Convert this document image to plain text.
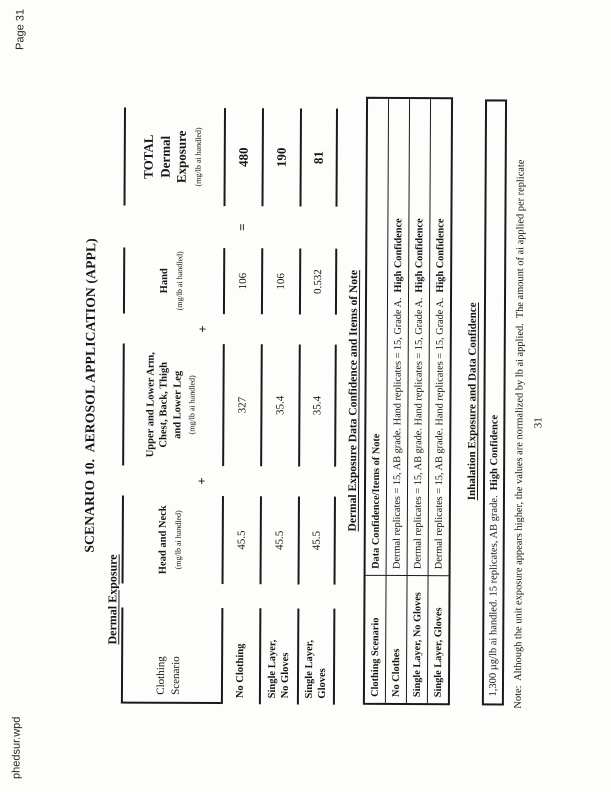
phedsur.wpd
Page 31
SCENARIO 10.  AEROSOL APPLICATION (APPL)
Dermal Exposure
Clothing
Scenario
Head and Neck (mg/lb ai handled)
+
Upper and Lower Arm,
Chest, Back, Thigh
and Lower Leg (mg/lb ai handled)
+
Hand (mg/lb ai handled)
TOTAL
Dermal Exposure (mg/lb ai handled)
No Clothing
45.5
327
106
=
480
Single Layer,
No Gloves
45.5
35.4
106
190
Single Layer,
Gloves
45.5
35.4
0.532
81
Dermal Exposure Data Confidence and Items of Note
Clothing Scenario
Data Confidence/Items of Note
No Clothes
Dermal replicates = 15, AB grade. Hand replicates = 15, Grade A.High Confidence
Single Layer, No Gloves
Dermal replicates = 15, AB grade. Hand replicates = 15, Grade A.High Confidence
Single Layer, Gloves
Dermal replicates = 15, AB grade. Hand replicates = 15, Grade A.High Confidence
Inhalation Exposure and Data Confidence
1,300 µg/lb ai handled. 15 replicates, AB grade.High Confidence	Note:  Although the unit exposure appears higher, the values are normalized by lb ai applied.  The amount of ai applied per replicate 31
